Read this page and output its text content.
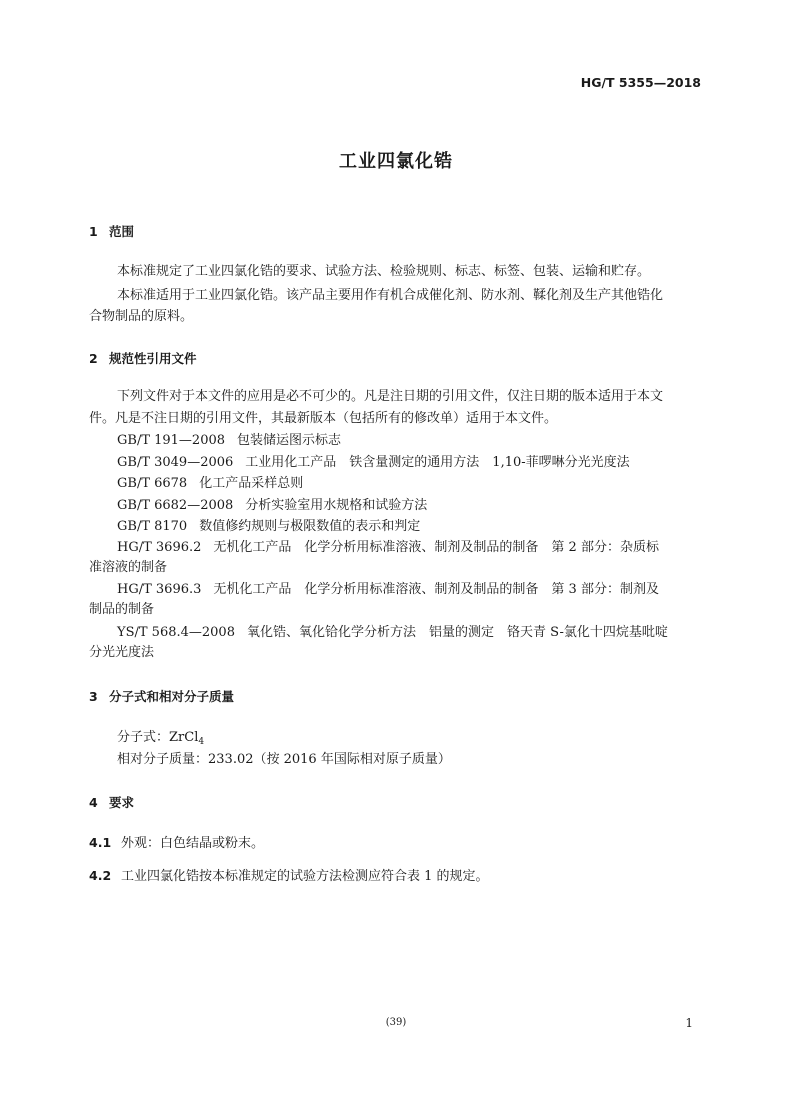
HG/T 5355—2018
工业四氯化锆
1 范围
本标准规定了工业四氯化锆的要求、试验方法、检验规则、标志、标签、包装、运输和贮存。
本标准适用于工业四氯化锆。该产品主要用作有机合成催化剂、防水剂、鞣化剂及生产其他锆化
合物制品的原料。
2 规范性引用文件
下列文件对于本文件的应用是必不可少的。凡是注日期的引用文件，仅注日期的版本适用于本文
件。凡是不注日期的引用文件，其最新版本（包括所有的修改单）适用于本文件。
GB/T 191—2008 包装储运图示标志
GB/T 3049—2006 工业用化工产品　铁含量测定的通用方法　1,10-菲啰啉分光光度法
GB/T 6678 化工产品采样总则
GB/T 6682—2008 分析实验室用水规格和试验方法
GB/T 8170 数值修约规则与极限数值的表示和判定
HG/T 3696.2 无机化工产品　化学分析用标准溶液、制剂及制品的制备　第 2 部分：杂质标
准溶液的制备
HG/T 3696.3 无机化工产品　化学分析用标准溶液、制剂及制品的制备　第 3 部分：制剂及
制品的制备
YS/T 568.4—2008 氧化锆、氧化铪化学分析方法　铝量的测定　铬天青 S-氯化十四烷基吡啶
分光光度法
3 分子式和相对分子质量
分子式：ZrCl$_4$
相对分子质量：233.02（按 2016 年国际相对原子质量）
4 要求
4.1 外观：白色结晶或粉末。
4.2 工业四氯化锆按本标准规定的试验方法检测应符合表 1 的规定。
(39)	1
